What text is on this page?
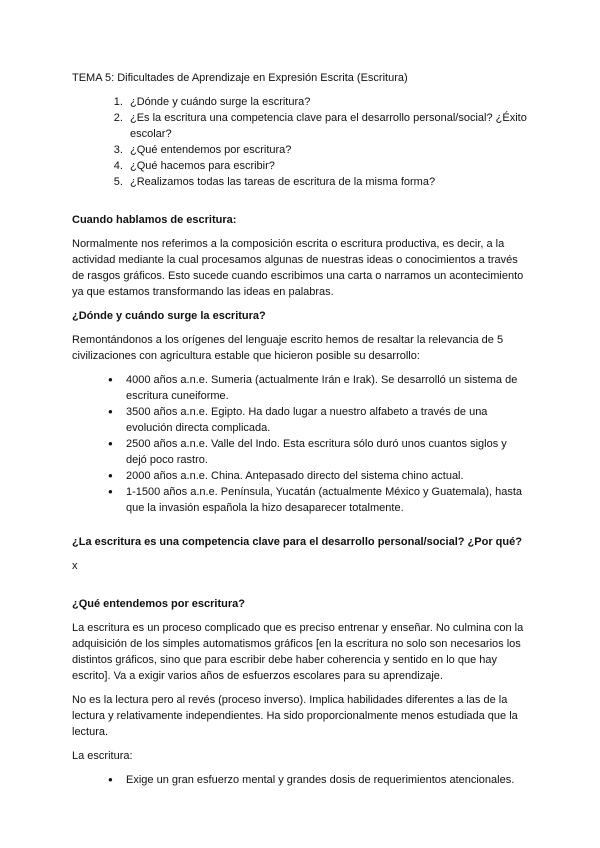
TEMA 5: Dificultades de Aprendizaje en Expresión Escrita (Escritura)

1. ¿Dónde y cuándo surge la escritura?
2. ¿Es la escritura una competencia clave para el desarrollo personal/social? ¿Éxito escolar?
3. ¿Qué entendemos por escritura?
4. ¿Qué hacemos para escribir?
5. ¿Realizamos todas las tareas de escritura de la misma forma?
Cuando hablamos de escritura:

Normalmente nos referimos a la composición escrita o escritura productiva, es decir, a la actividad mediante la cual procesamos algunas de nuestras ideas o conocimientos a través de rasgos gráficos. Esto sucede cuando escribimos una carta o narramos un acontecimiento ya que estamos transformando las ideas en palabras.

¿Dónde y cuándo surge la escritura?

Remontándonos a los orígenes del lenguaje escrito hemos de resaltar la relevancia de 5 civilizaciones con agricultura estable que hicieron posible su desarrollo:

● 4000 años a.n.e. Sumeria (actualmente Irán e Irak). Se desarrolló un sistema de escritura cuneiforme.
● 3500 años a.n.e. Egipto. Ha dado lugar a nuestro alfabeto a través de una evolución directa complicada.
● 2500 años a.n.e. Valle del Indo. Esta escritura sólo duró unos cuantos siglos y dejó poco rastro.
● 2000 años a.n.e. China. Antepasado directo del sistema chino actual.
● 1-1500 años a.n.e. Península, Yucatán (actualmente México y Guatemala), hasta que la invasión española la hizo desaparecer totalmente.
¿La escritura es una competencia clave para el desarrollo personal/social? ¿Por qué?

x

¿Qué entendemos por escritura?

La escritura es un proceso complicado que es preciso entrenar y enseñar. No culmina con la adquisición de los simples automatismos gráficos [en la escritura no solo son necesarios los distintos gráficos, sino que para escribir debe haber coherencia y sentido en lo que hay escrito]. Va a exigir varios años de esfuerzos escolares para su aprendizaje.

No es la lectura pero al revés (proceso inverso). Implica habilidades diferentes a las de la lectura y relativamente independientes. Ha sido proporcionalmente menos estudiada que la lectura.

La escritura:

● Exige un gran esfuerzo mental y grandes dosis de requerimientos atencionales.
